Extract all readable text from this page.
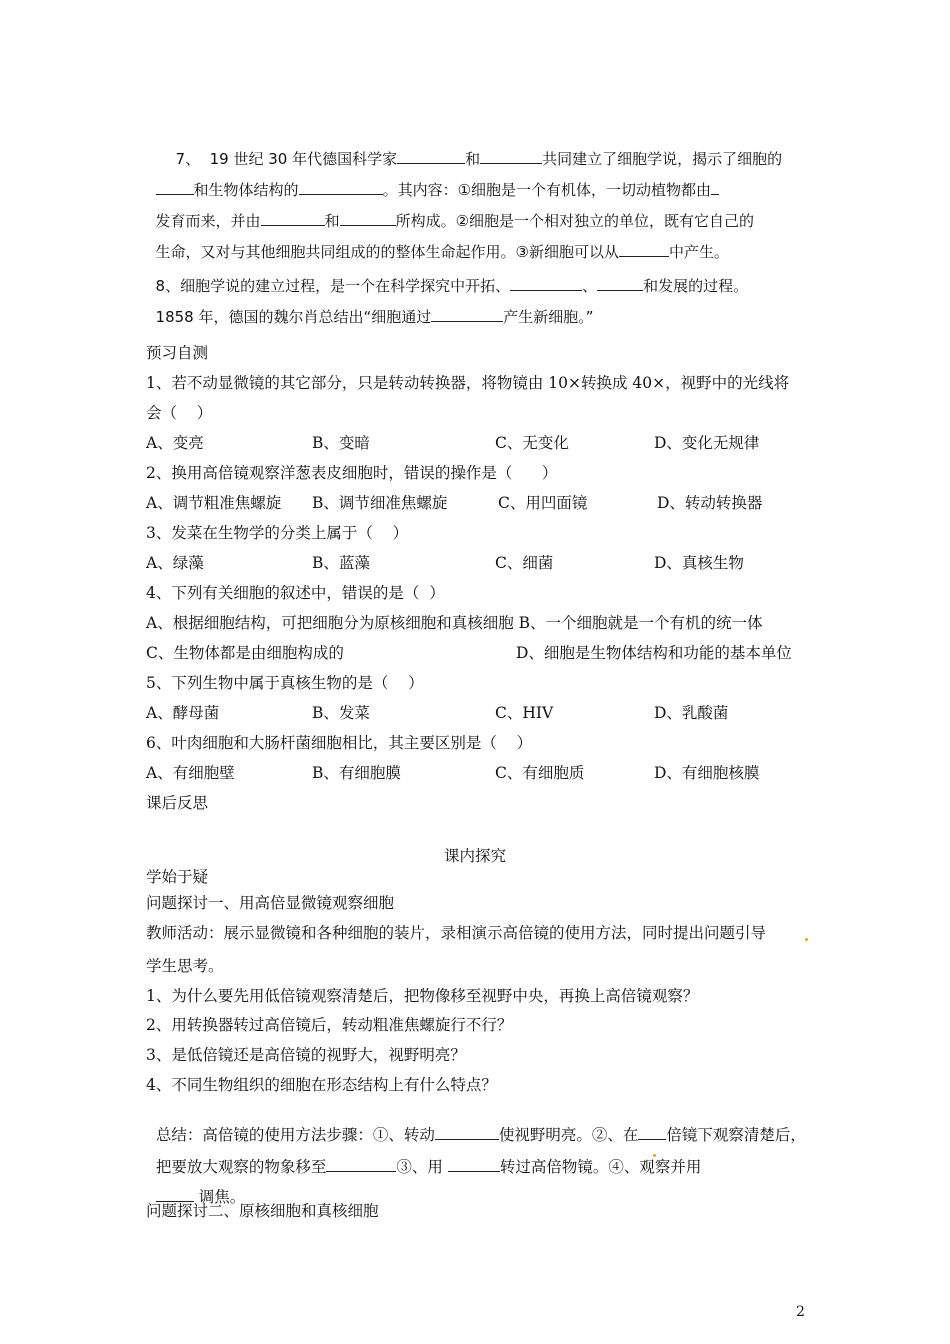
7、  19 世纪 30 年代德国科学家	和	共同建立了细胞学说，揭示了细胞的

和生物体结构的	。其内容：①细胞是一个有机体，一切动植物都由

发育而来，并由	和	所构成。②细胞是一个相对独立的单位，既有它自己的

生命，又对与其他细胞共同组成的的整体生命起作用。③新细胞可以从	中产生。

8、细胞学说的建立过程，是一个在科学探究中开拓、	、	和发展的过程。

1858 年，德国的魏尔肖总结出“细胞通过	产生新细胞。”

预习自测
1、若不动显微镜的其它部分，只是转动转换器，将物镜由 10×转换成 40×，视野中的光线将
会（    ）
A、变亮	B、变暗	C、无变化	D、变化无规律
2、换用高倍镜观察洋葱表皮细胞时，错误的操作是（      ）
A、调节粗准焦螺旋 B、调节细准焦螺旋	C、用凹面镜	D、转动转换器
3、发菜在生物学的分类上属于（    ）
A、绿藻	B、蓝藻	C、细菌	D、真核生物
4、下列有关细胞的叙述中，错误的是（  ）
A、根据细胞结构，可把细胞分为原核细胞和真核细胞 B、一个细胞就是一个有机的统一体
C、生物体都是由细胞构成的	D、细胞是生物体结构和功能的基本单位
5、下列生物中属于真核生物的是（    ）
A、酵母菌	B、发菜	C、HIV	D、乳酸菌
6、叶肉细胞和大肠杆菌细胞相比，其主要区别是（    ）
A、有细胞壁	B、有细胞膜	C、有细胞质	D、有细胞核膜
课后反思
课内探究
学始于疑
问题探讨一、用高倍显微镜观察细胞
教师活动：展示显微镜和各种细胞的装片，录相演示高倍镜的使用方法，同时提出问题引导
学生思考。
1、为什么要先用低倍镜观察清楚后，把物像移至视野中央，再换上高倍镜观察？
2、用转换器转过高倍镜后，转动粗准焦螺旋行不行？
3、是低倍镜还是高倍镜的视野大，视野明亮？
4、不同生物组织的细胞在形态结构上有什么特点？

总结：高倍镜的使用方法步骤：①、转动	使视野明亮。②、在 倍镜下观察清楚后，

把要放大观察的物象移至	③、用	转过高倍物镜。④、观察并用

调焦。

问题探讨二、原核细胞和真核细胞
2
